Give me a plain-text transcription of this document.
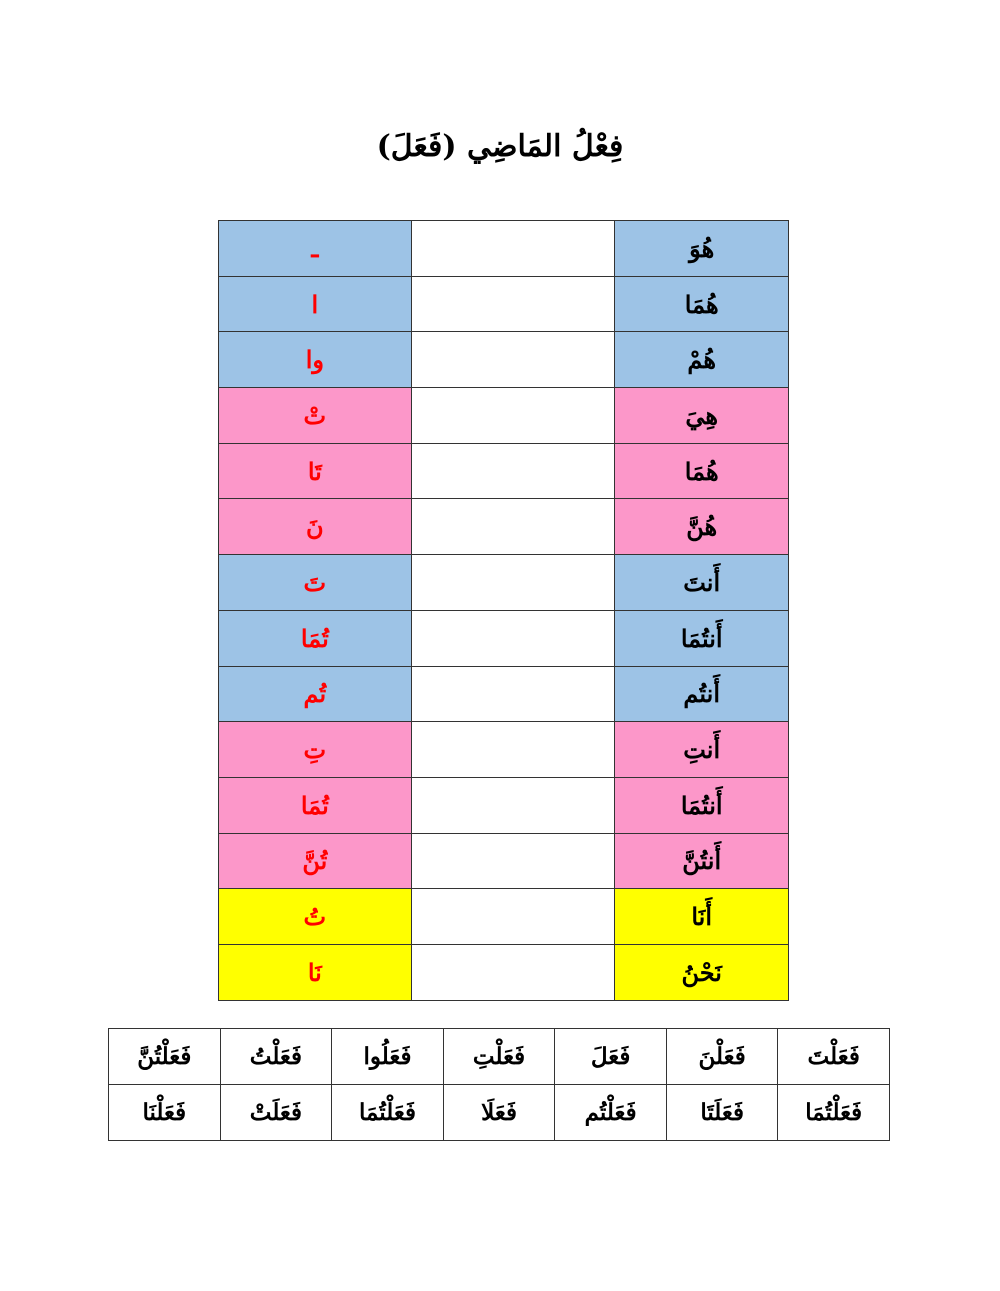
فِعْلُ المَاضِي (فَعَلَ)
هُوَ		ـ
هُمَا		ا
هُمْ		وا
هِيَ		تْ
هُمَا		تَا
هُنَّ		نَ
أَنتَ		تَ
أَنتُمَا		تُمَا
أَنتُم		تُم
أَنتِ		تِ
أَنتُمَا		تُمَا
أَنتُنَّ		تُنَّ
أَنَا		تُ
نَحْنُ		نَا
فَعَلْتَ	فَعَلْنَ	فَعَلَ	فَعَلْتِ	فَعَلُوا	فَعَلْتُ	فَعَلْتُنَّ
فَعَلْتُمَا	فَعَلَتَا	فَعَلْتُم	فَعَلَا	فَعَلْتُمَا	فَعَلَتْ	فَعَلْنَا
